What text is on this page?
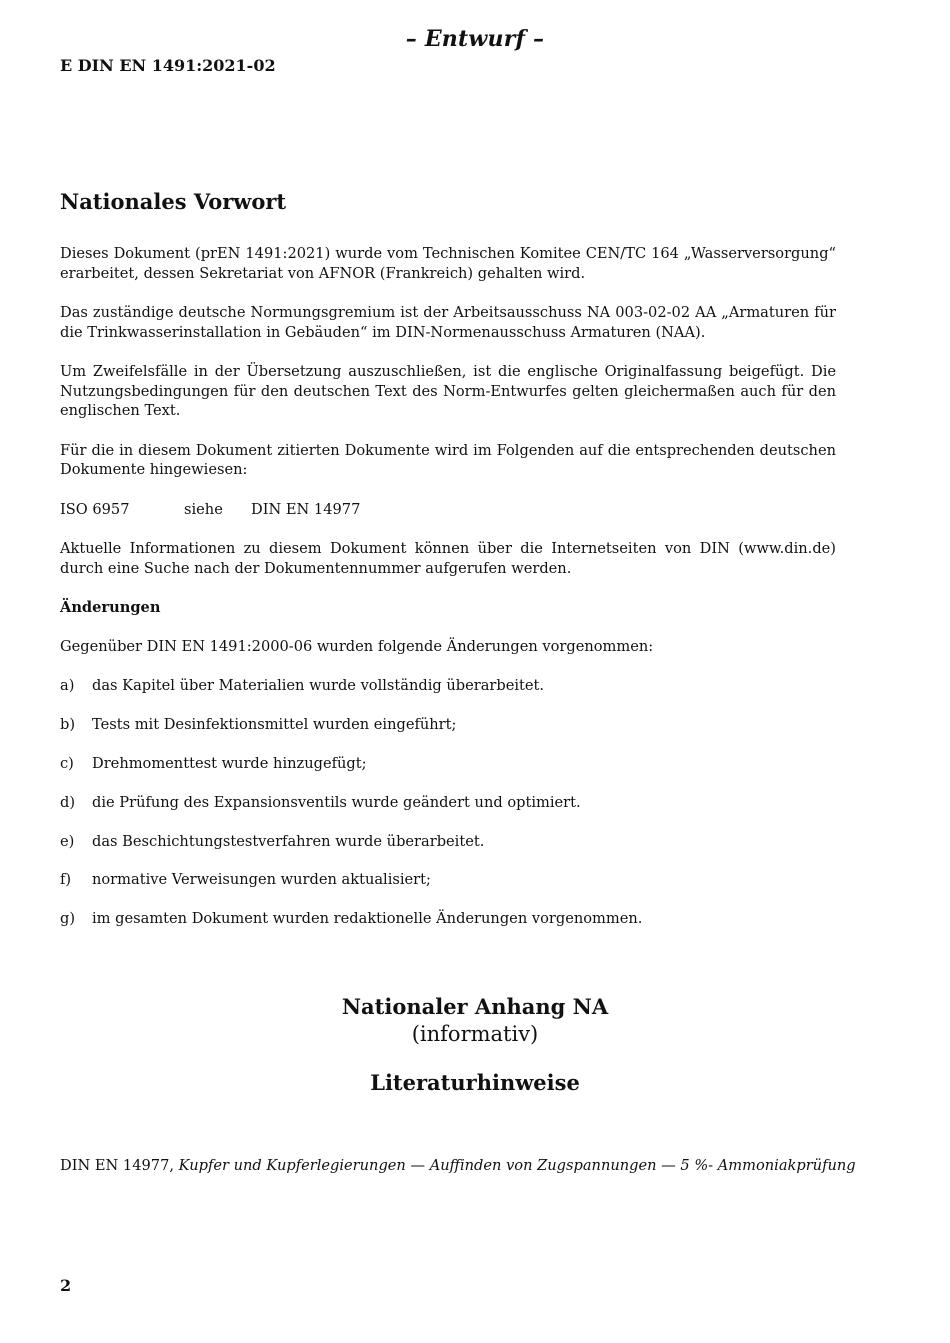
– Entwurf –
E DIN EN 1491:2021-02
Nationales Vorwort

Dieses Dokument (prEN 1491:2021) wurde vom Technischen Komitee CEN/TC 164 „Wasserversorgung“ erarbeitet, dessen Sekretariat von AFNOR (Frankreich) gehalten wird.

Das zuständige deutsche Normungsgremium ist der Arbeitsausschuss NA 003-02-02 AA „Armaturen für die Trinkwasserinstallation in Gebäuden“ im DIN-Normenausschuss Armaturen (NAA).

Um Zweifelsfälle in der Übersetzung auszuschließen, ist die englische Originalfassung beigefügt. Die Nutzungsbedingungen für den deutschen Text des Norm-Entwurfes gelten gleichermaßen auch für den englischen Text.

Für die in diesem Dokument zitierten Dokumente wird im Folgenden auf die entsprechenden deutschen Dokumente hingewiesen:

ISO 6957	siehe	DIN EN 14977

Aktuelle Informationen zu diesem Dokument können über die Internetseiten von DIN (www.din.de) durch eine Suche nach der Dokumentennummer aufgerufen werden.

Änderungen

Gegenüber DIN EN 1491:2000-06 wurden folgende Änderungen vorgenommen:

a)	das Kapitel über Materialien wurde vollständig überarbeitet.
b)	Tests mit Desinfektionsmittel wurden eingeführt;
c)	Drehmomenttest wurde hinzugefügt;
d)	die Prüfung des Expansionsventils wurde geändert und optimiert.
e)	das Beschichtungstestverfahren wurde überarbeitet.
f)	normative Verweisungen wurden aktualisiert;
g)	im gesamten Dokument wurden redaktionelle Änderungen vorgenommen.
Nationaler Anhang NA
(informativ)
Literaturhinweise
DIN EN 14977, Kupfer und Kupferlegierungen — Auffinden von Zugspannungen — 5 %- Ammoniakprüfung
2
